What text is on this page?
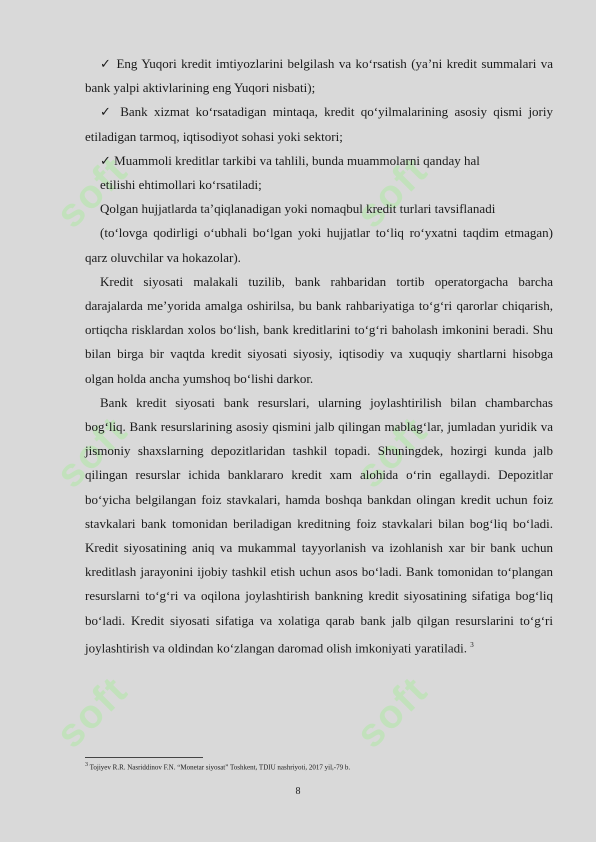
soft	soft
soft	soft
soft	soft

✓ Eng Yuqori kredit imtiyozlarini belgilash va ko‘rsatish (ya’ni kredit summalari va bank yalpi aktivlarining eng Yuqori nisbati);

✓ Bank xizmat ko‘rsatadigan mintaqa, kredit qo‘yilmalarining asosiy qismi joriy etiladigan tarmoq, iqtisodiyot sohasi yoki sektori;

✓ Muammoli kreditlar tarkibi va tahlili, bunda muammolarni qanday hal

etilishi ehtimollari ko‘rsatiladi;

Qolgan hujjatlarda ta’qiqlanadigan yoki nomaqbul kredit turlari tavsiflanadi

(to‘lovga qodirligi o‘ubhali bo‘lgan yoki hujjatlar to‘liq ro‘yxatni taqdim etmagan) qarz oluvchilar va hokazolar).

Kredit siyosati malakali tuzilib, bank rahbaridan tortib operatorgacha barcha darajalarda me’yorida amalga oshirilsa, bu bank rahbariyatiga to‘g‘ri qarorlar chiqarish, ortiqcha risklardan xolos bo‘lish, bank kreditlarini to‘g‘ri baholash imkonini beradi. Shu bilan birga bir vaqtda kredit siyosati siyosiy, iqtisodiy va xuquqiy shartlarni hisobga olgan holda ancha yumshoq bo‘lishi darkor.

Bank kredit siyosati bank resurslari, ularning joylashtirilish bilan chambarchas bog‘liq. Bank resurslarining asosiy qismini jalb qilingan mablag‘lar, jumladan yuridik va jismoniy shaxslarning depozitlaridan tashkil topadi. Shuningdek, hozirgi kunda jalb qilingan resurslar ichida banklararo kredit xam alohida o‘rin egallaydi. Depozitlar bo‘yicha belgilangan foiz stavkalari, hamda boshqa bankdan olingan kredit uchun foiz stavkalari bank tomonidan beriladigan kreditning foiz stavkalari bilan bog‘liq bo‘ladi. Kredit siyosatining aniq va mukammal tayyorlanish va izohlanish xar bir bank uchun kreditlash jarayonini ijobiy tashkil etish uchun asos bo‘ladi. Bank tomonidan to‘plangan resurslarni to‘g‘ri va oqilona joylashtirish bankning kredit siyosatining sifatiga bog‘liq bo‘ladi. Kredit siyosati sifatiga va xolatiga qarab bank jalb qilgan resurslarini to‘g‘ri joylashtirish va oldindan ko‘zlangan daromad olish imkoniyati yaratiladi. $^3$

$^3$ Tojiyev R.R. Nasriddinov F.N. “Monetar siyosat” Toshkent, TDIU nashriyoti, 2017 yil,-79 b.
8
